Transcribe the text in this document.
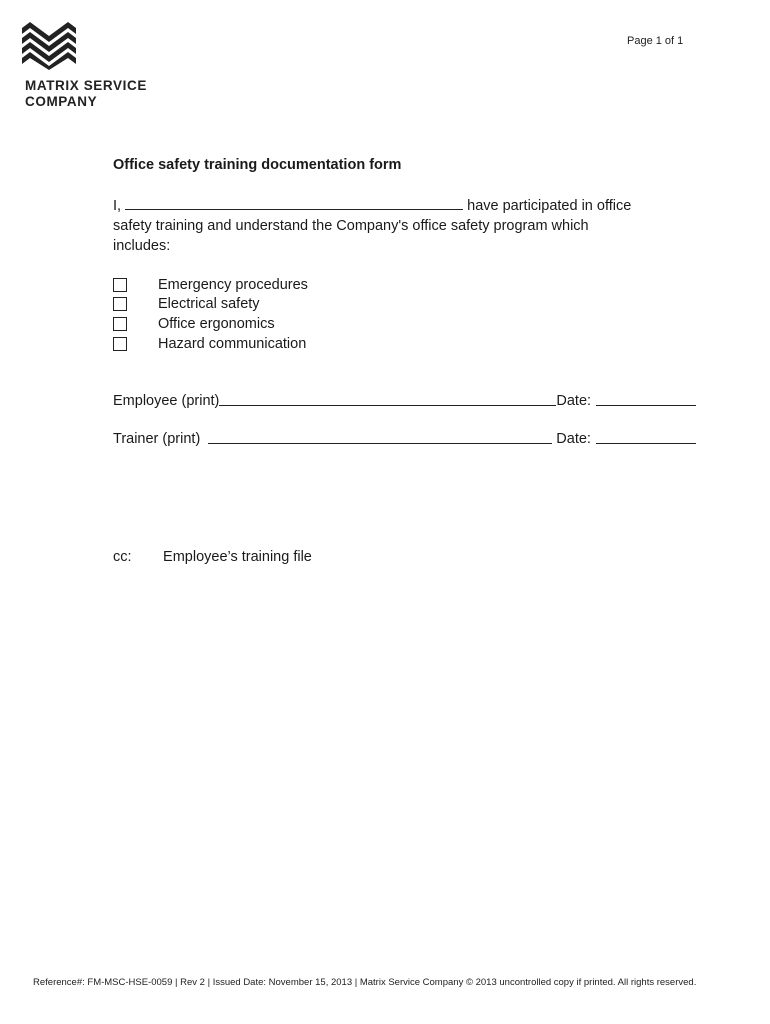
MATRIX SERVICE
COMPANY
Page 1 of 1
Office safety training documentation form
I,	have participated in office
safety training and understand the Company's office safety program which
includes:
Emergency procedures
Electrical safety
Office ergonomics
Hazard communication
Employee (print)	Date:
Trainer (print)	Date:
cc: Employee’s training file
Reference#: FM-MSC-HSE-0059 | Rev 2 | Issued Date: November 15, 2013 | Matrix Service Company © 2013 uncontrolled copy if printed. All rights reserved.
